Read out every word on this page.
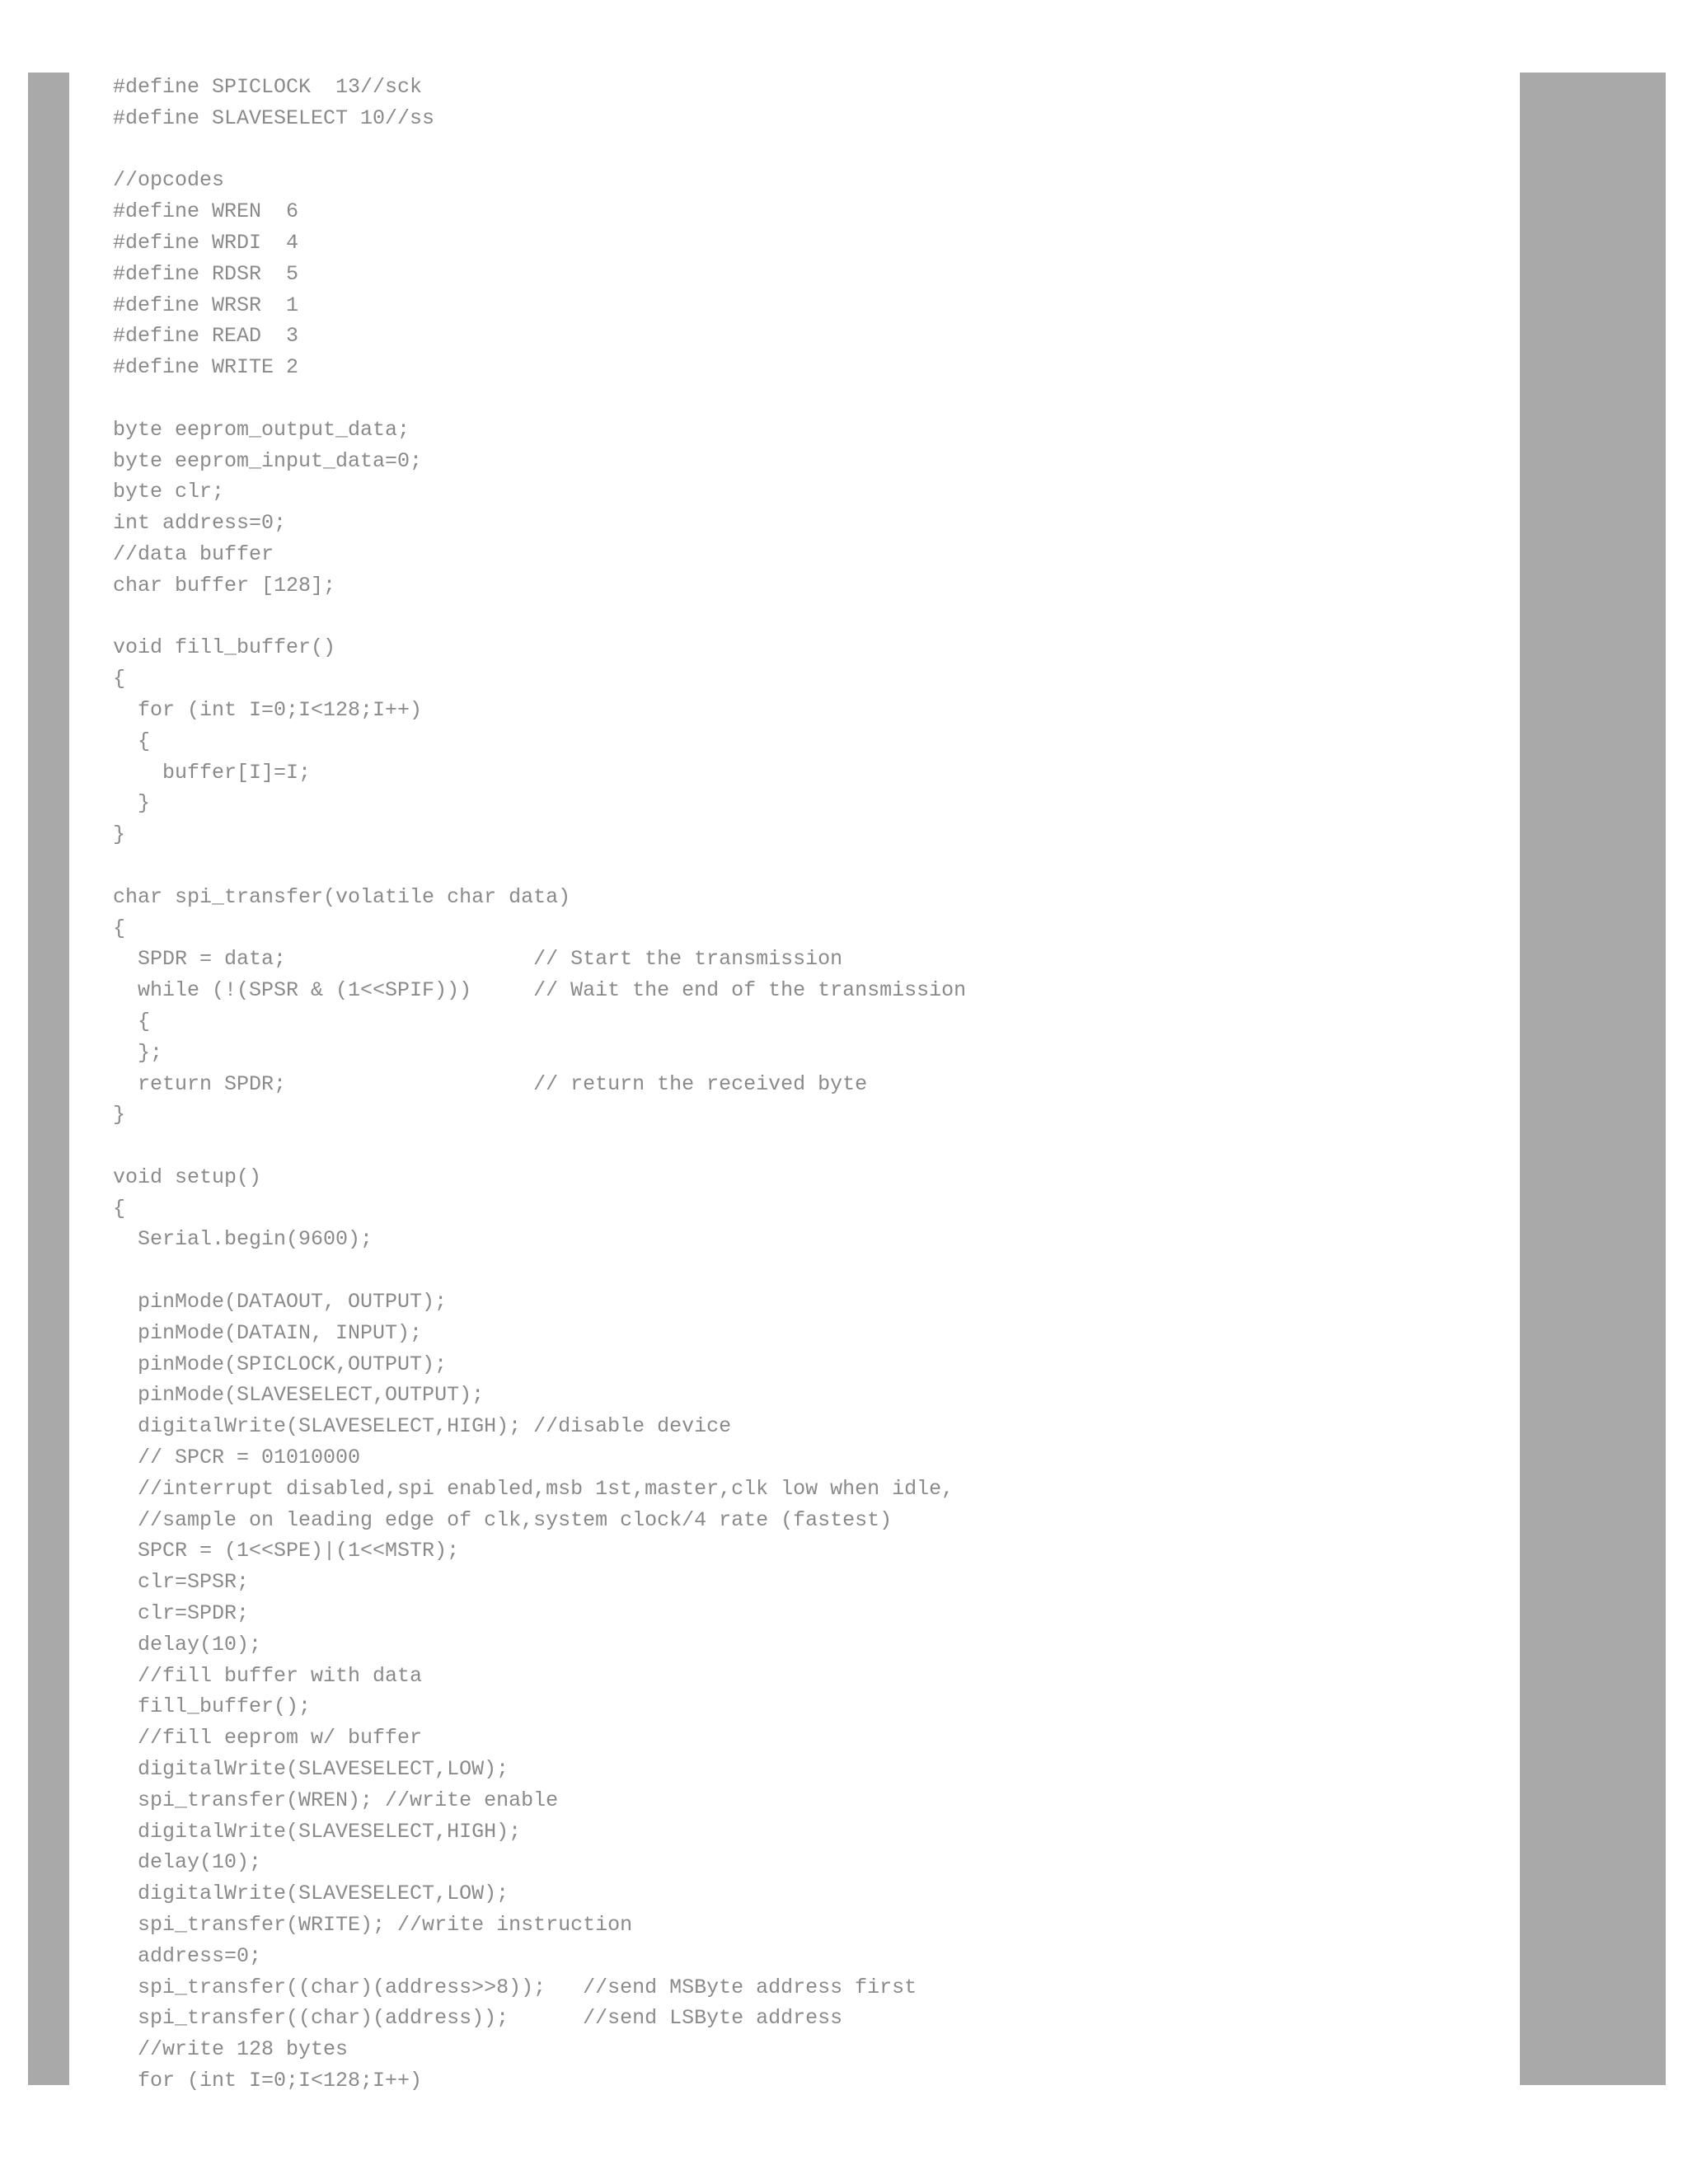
#define SPICLOCK  13//sck
#define SLAVESELECT 10//ss
//opcodes
#define WREN  6
#define WRDI  4
#define RDSR  5
#define WRSR  1
#define READ  3
#define WRITE 2
byte eeprom_output_data;
byte eeprom_input_data=0;
byte clr;
int address=0;
//data buffer
char buffer [128];
void fill_buffer()
{
for (int I=0;I<128;I++)
{
buffer[I]=I;
}
}
char spi_transfer(volatile char data)
{
SPDR = data;                    // Start the transmission
while (!(SPSR & (1<<SPIF)))     // Wait the end of the transmission
{
};
return SPDR;                    // return the received byte
}
void setup()
{
Serial.begin(9600);
pinMode(DATAOUT, OUTPUT);
pinMode(DATAIN, INPUT);
pinMode(SPICLOCK,OUTPUT);
pinMode(SLAVESELECT,OUTPUT);
digitalWrite(SLAVESELECT,HIGH); //disable device
// SPCR = 01010000
//interrupt disabled,spi enabled,msb 1st,master,clk low when idle,
//sample on leading edge of clk,system clock/4 rate (fastest)
SPCR = (1<<SPE)|(1<<MSTR);
clr=SPSR;
clr=SPDR;
delay(10);
//fill buffer with data
fill_buffer();
//fill eeprom w/ buffer
digitalWrite(SLAVESELECT,LOW);
spi_transfer(WREN); //write enable
digitalWrite(SLAVESELECT,HIGH);
delay(10);
digitalWrite(SLAVESELECT,LOW);
spi_transfer(WRITE); //write instruction
address=0;
spi_transfer((char)(address>>8));   //send MSByte address first
spi_transfer((char)(address));      //send LSByte address
//write 128 bytes
for (int I=0;I<128;I++)
